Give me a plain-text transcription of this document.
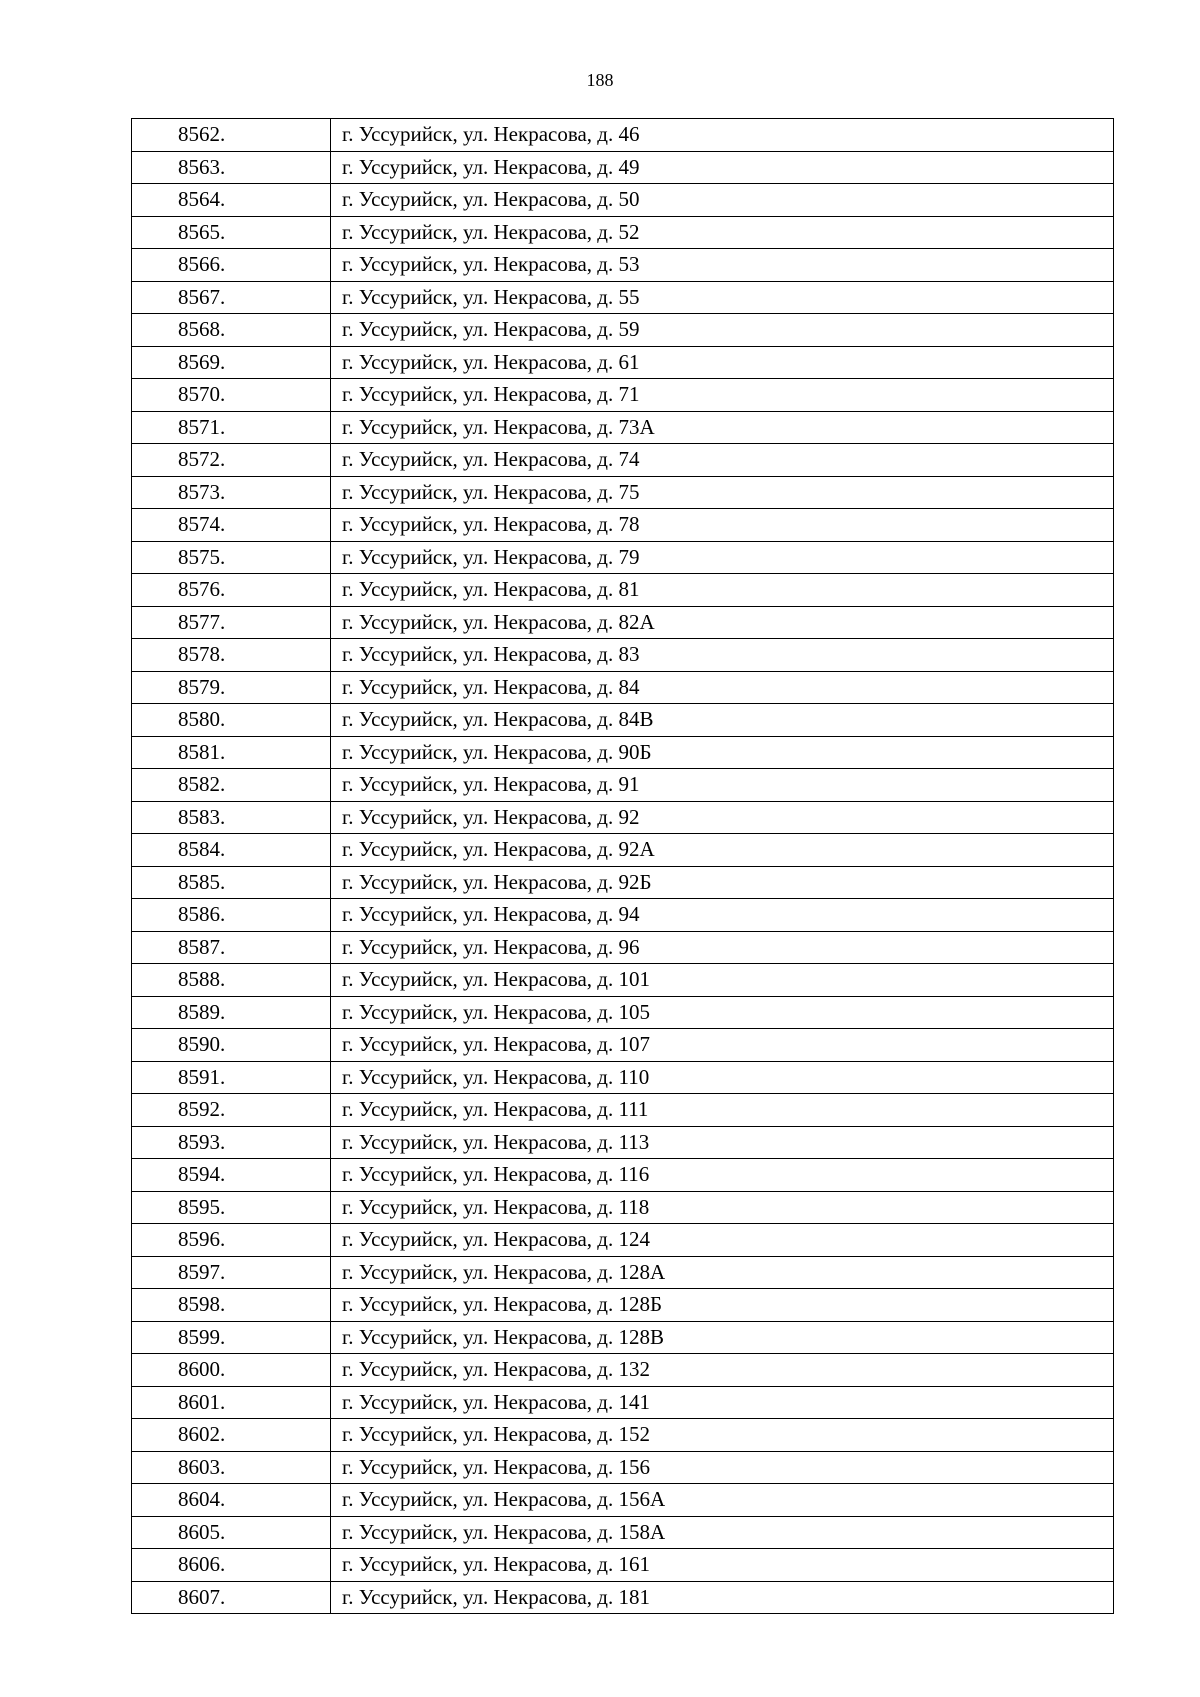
188
8562.	г. Уссурийск, ул. Некрасова, д. 46
8563.	г. Уссурийск, ул. Некрасова, д. 49
8564.	г. Уссурийск, ул. Некрасова, д. 50
8565.	г. Уссурийск, ул. Некрасова, д. 52
8566.	г. Уссурийск, ул. Некрасова, д. 53
8567.	г. Уссурийск, ул. Некрасова, д. 55
8568.	г. Уссурийск, ул. Некрасова, д. 59
8569.	г. Уссурийск, ул. Некрасова, д. 61
8570.	г. Уссурийск, ул. Некрасова, д. 71
8571.	г. Уссурийск, ул. Некрасова, д. 73А
8572.	г. Уссурийск, ул. Некрасова, д. 74
8573.	г. Уссурийск, ул. Некрасова, д. 75
8574.	г. Уссурийск, ул. Некрасова, д. 78
8575.	г. Уссурийск, ул. Некрасова, д. 79
8576.	г. Уссурийск, ул. Некрасова, д. 81
8577.	г. Уссурийск, ул. Некрасова, д. 82А
8578.	г. Уссурийск, ул. Некрасова, д. 83
8579.	г. Уссурийск, ул. Некрасова, д. 84
8580.	г. Уссурийск, ул. Некрасова, д. 84В
8581.	г. Уссурийск, ул. Некрасова, д. 90Б
8582.	г. Уссурийск, ул. Некрасова, д. 91
8583.	г. Уссурийск, ул. Некрасова, д. 92
8584.	г. Уссурийск, ул. Некрасова, д. 92А
8585.	г. Уссурийск, ул. Некрасова, д. 92Б
8586.	г. Уссурийск, ул. Некрасова, д. 94
8587.	г. Уссурийск, ул. Некрасова, д. 96
8588.	г. Уссурийск, ул. Некрасова, д. 101
8589.	г. Уссурийск, ул. Некрасова, д. 105
8590.	г. Уссурийск, ул. Некрасова, д. 107
8591.	г. Уссурийск, ул. Некрасова, д. 110
8592.	г. Уссурийск, ул. Некрасова, д. 111
8593.	г. Уссурийск, ул. Некрасова, д. 113
8594.	г. Уссурийск, ул. Некрасова, д. 116
8595.	г. Уссурийск, ул. Некрасова, д. 118
8596.	г. Уссурийск, ул. Некрасова, д. 124
8597.	г. Уссурийск, ул. Некрасова, д. 128А
8598.	г. Уссурийск, ул. Некрасова, д. 128Б
8599.	г. Уссурийск, ул. Некрасова, д. 128В
8600.	г. Уссурийск, ул. Некрасова, д. 132
8601.	г. Уссурийск, ул. Некрасова, д. 141
8602.	г. Уссурийск, ул. Некрасова, д. 152
8603.	г. Уссурийск, ул. Некрасова, д. 156
8604.	г. Уссурийск, ул. Некрасова, д. 156А
8605.	г. Уссурийск, ул. Некрасова, д. 158А
8606.	г. Уссурийск, ул. Некрасова, д. 161
8607.	г. Уссурийск, ул. Некрасова, д. 181
